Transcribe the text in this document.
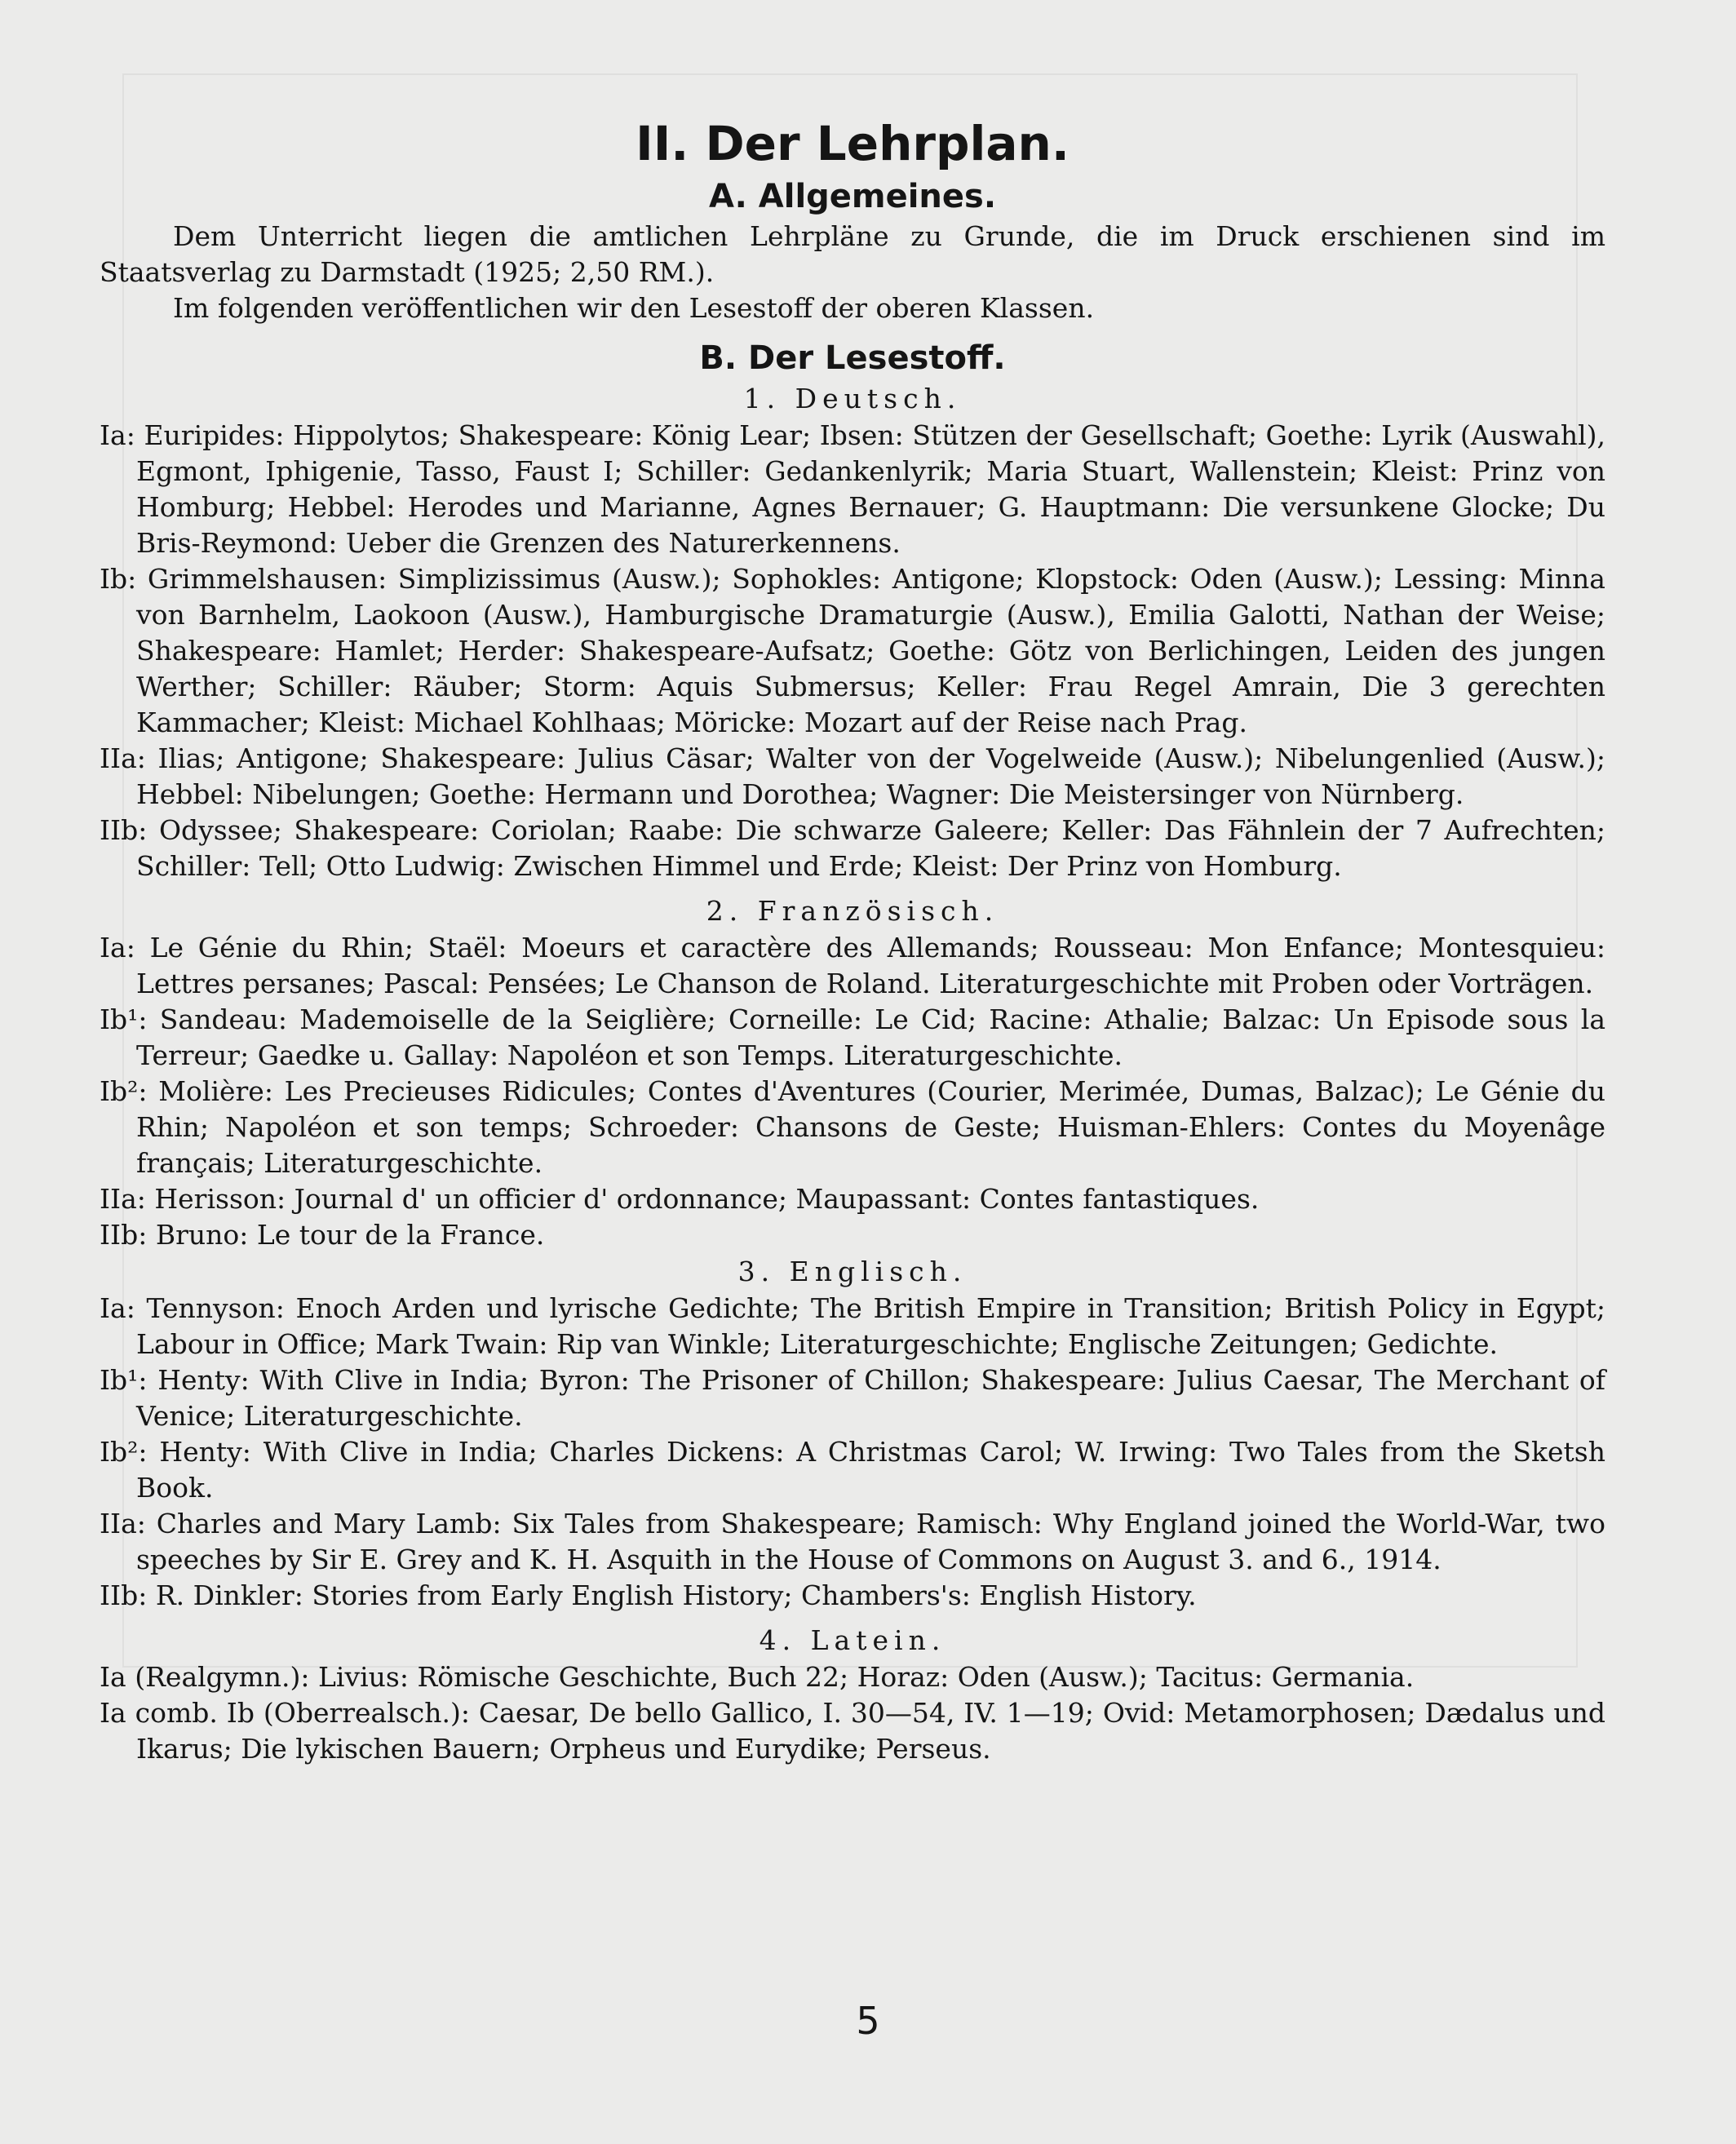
II. Der Lehrplan.
A. Allgemeines.

Dem Unterricht liegen die amtlichen Lehrpläne zu Grunde, die im Druck erschienen sind im Staatsverlag zu Darmstadt (1925; 2,50 RM.).

Im folgenden veröffentlichen wir den Lesestoff der oberen Klassen.

B. Der Lesestoff.
1. Deutsch.

Ia: Euripides: Hippolytos; Shakespeare: König Lear; Ibsen: Stützen der Gesellschaft; Goethe: Lyrik (Auswahl), Egmont, Iphigenie, Tasso, Faust I; Schiller: Gedankenlyrik; Maria Stuart, Wallenstein; Kleist: Prinz von Homburg; Hebbel: Herodes und Marianne, Agnes Bernauer; G. Hauptmann: Die versunkene Glocke; Du Bris-Reymond: Ueber die Grenzen des Naturerkennens.

Ib: Grimmelshausen: Simplizissimus (Ausw.); Sophokles: Antigone; Klopstock: Oden (Ausw.); Lessing: Minna von Barnhelm, Laokoon (Ausw.), Hamburgische Dramaturgie (Ausw.), Emilia Galotti, Nathan der Weise; Shakespeare: Hamlet; Herder: Shakespeare-Aufsatz; Goethe: Götz von Berlichingen, Leiden des jungen Werther; Schiller: Räuber; Storm: Aquis Submersus; Keller: Frau Regel Amrain, Die 3 gerechten Kammacher; Kleist: Michael Kohlhaas; Möricke: Mozart auf der Reise nach Prag.

IIa: Ilias; Antigone; Shakespeare: Julius Cäsar; Walter von der Vogelweide (Ausw.); Nibelungenlied (Ausw.); Hebbel: Nibelungen; Goethe: Hermann und Dorothea; Wagner: Die Meistersinger von Nürnberg.

IIb: Odyssee; Shakespeare: Coriolan; Raabe: Die schwarze Galeere; Keller: Das Fähnlein der 7 Aufrechten; Schiller: Tell; Otto Ludwig: Zwischen Himmel und Erde; Kleist: Der Prinz von Homburg.

2. Französisch.

Ia: Le Génie du Rhin; Staël: Moeurs et caractère des Allemands; Rousseau: Mon Enfance; Montesquieu: Lettres persanes; Pascal: Pensées; Le Chanson de Roland. Literaturgeschichte mit Proben oder Vorträgen.

Ib¹: Sandeau: Mademoiselle de la Seiglière; Corneille: Le Cid; Racine: Athalie; Balzac: Un Episode sous la Terreur; Gaedke u. Gallay: Napoléon et son Temps. Literaturgeschichte.

Ib²: Molière: Les Precieuses Ridicules; Contes d'Aventures (Courier, Merimée, Dumas, Balzac); Le Génie du Rhin; Napoléon et son temps; Schroeder: Chansons de Geste; Huisman-Ehlers: Contes du Moyenâge français; Literaturgeschichte.

IIa: Herisson: Journal d' un officier d' ordonnance; Maupassant: Contes fantastiques.

IIb: Bruno: Le tour de la France.

3. Englisch.

Ia: Tennyson: Enoch Arden und lyrische Gedichte; The British Empire in Transition; British Policy in Egypt; Labour in Office; Mark Twain: Rip van Winkle; Literaturgeschichte; Englische Zeitungen; Gedichte.

Ib¹: Henty: With Clive in India; Byron: The Prisoner of Chillon; Shakespeare: Julius Caesar, The Merchant of Venice; Literaturgeschichte.

Ib²: Henty: With Clive in India; Charles Dickens: A Christmas Carol; W. Irwing: Two Tales from the Sketsh Book.

IIa: Charles and Mary Lamb: Six Tales from Shakespeare; Ramisch: Why England joined the World-War, two speeches by Sir E. Grey and K. H. Asquith in the House of Commons on August 3. and 6., 1914.

IIb: R. Dinkler: Stories from Early English History; Chambers's: English History.

4. Latein.

Ia (Realgymn.): Livius: Römische Geschichte, Buch 22; Horaz: Oden (Ausw.); Tacitus: Germania.

Ia comb. Ib (Oberrealsch.): Caesar, De bello Gallico, I. 30—54, IV. 1—19; Ovid: Metamorphosen; Dædalus und Ikarus; Die lykischen Bauern; Orpheus und Eurydike; Perseus.

5
